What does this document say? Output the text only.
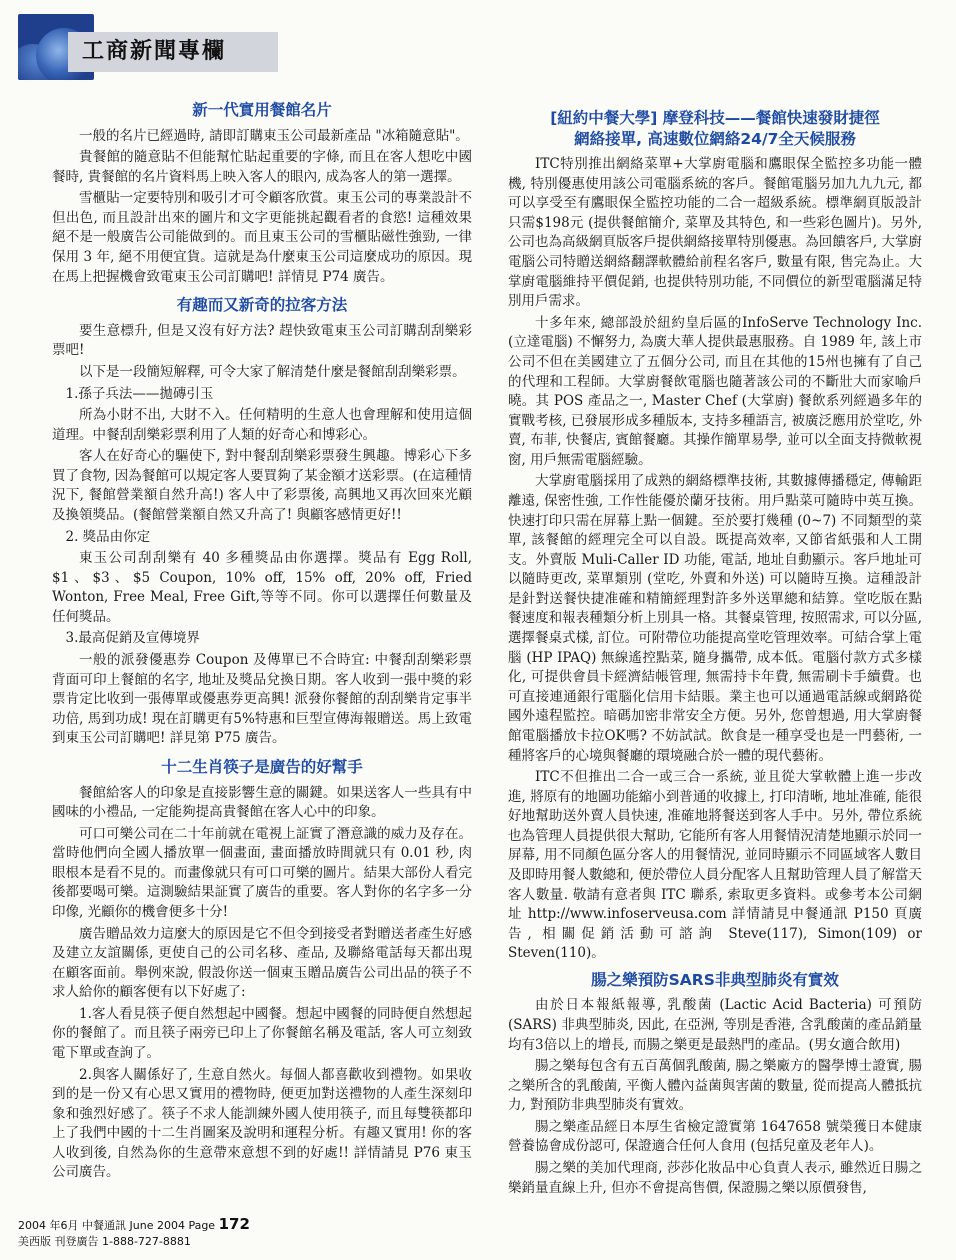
工商新聞專欄
新一代實用餐館名片

一般的名片已經過時, 請即訂購東玉公司最新產品 "冰箱隨意貼"。

貴餐館的隨意貼不但能幫忙貼起重要的字條, 而且在客人想吃中國餐時, 貴餐館的名片資料馬上映入客人的眼內, 成為客人的第一選擇。

雪櫃貼一定要特別和吸引才可令顧客欣賞。東玉公司的專業設計不但出色, 而且設計出來的圖片和文字更能挑起觀看者的食慾! 這種效果絕不是一般廣告公司能做到的。而且東玉公司的雪櫃貼磁性強勁, 一律保用 3 年, 絕不用便宜貨。這就是為什麼東玉公司這麼成功的原因。現在馬上把握機會致電東玉公司訂購吧! 詳情見 P74 廣告。

有趣而又新奇的拉客方法

要生意標升, 但是又沒有好方法? 趕快致電東玉公司訂購刮刮樂彩票吧!

以下是一段簡短解釋, 可令大家了解清楚什麼是餐館刮刮樂彩票。

1.孫子兵法——拋磚引玉

所為小財不出, 大財不入。任何精明的生意人也會理解和使用這個道理。中餐刮刮樂彩票利用了人類的好奇心和博彩心。

客人在好奇心的驅使下, 對中餐刮刮樂彩票發生興趣。博彩心下多買了食物, 因為餐館可以規定客人要買夠了某金額才送彩票。(在這種情況下, 餐館營業額自然升高!) 客人中了彩票後, 高興地又再次回來光顧及換領獎品。(餐館營業額自然又升高了! 與顧客感情更好!!

2. 獎品由你定

東玉公司刮刮樂有 40 多種獎品由你選擇。獎品有 Egg Roll, $1、$3、$5 Coupon, 10% off, 15% off, 20% off, Fried Wonton, Free Meal, Free Gift,等等不同。你可以選擇任何數量及任何獎品。

3.最高促銷及宣傳境界

一般的派發優惠券 Coupon 及傳單已不合時宜: 中餐刮刮樂彩票背面可印上餐館的名字, 地址及獎品兌換日期。客人收到一張中獎的彩票肯定比收到一張傳單或優惠券更高興! 派發你餐館的刮刮樂肯定事半功倍, 馬到功成! 現在訂購更有5%特惠和巨型宣傳海報贈送。馬上致電到東玉公司訂購吧! 詳見第 P75 廣告。

十二生肖筷子是廣告的好幫手

餐館給客人的印象是直接影響生意的關鍵。如果送客人一些具有中國味的小禮品, 一定能夠提高貴餐館在客人心中的印象。

可口可樂公司在二十年前就在電視上証實了潛意識的威力及存在。當時他們向全國人播放單一個畫面, 畫面播放時間就只有 0.01 秒, 肉眼根本是看不見的。而畫像就只有可口可樂的圖片。結果大部份人看完後都要喝可樂。這測驗結果証實了廣告的重要。客人對你的名字多一分印像, 光顧你的機會便多十分!

廣告贈品效力這麼大的原因是它不但令到接受者對贈送者產生好感及建立友誼關係, 更使自己的公司名移、產品, 及聯絡電話每天都出現在顧客面前。舉例來說, 假設你送一個東玉贈品廣告公司出品的筷子不求人給你的顧客便有以下好處了:

1.客人看見筷子便自然想起中國餐。想起中國餐的同時便自然想起你的餐館了。而且筷子兩旁已印上了你餐館名稱及電話, 客人可立刻致電下單或查詢了。

2.與客人關係好了, 生意自然火。每個人都喜歡收到禮物。如果收到的是一份又有心思又實用的禮物時, 便更加對送禮物的人產生深刻印象和強烈好感了。筷子不求人能訓練外國人使用筷子, 而且每雙筷都印上了我們中國的十二生肖圖案及說明和運程分析。有趣又實用! 你的客人收到後, 自然為你的生意帶來意想不到的好處!! 詳情請見 P76 東玉公司廣告。

[紐約中餐大學] 摩登科技——餐館快速發財捷徑
網絡接單, 高速數位網絡24/7全天候服務

ITC特別推出網絡菜單+大掌廚電腦和鷹眼保全監控多功能一體機, 特別優惠使用該公司電腦系統的客戶。餐館電腦另加九九九元, 都可以享受至有鷹眼保全監控功能的二合一超級系統。標準網頁版設計只需$198元 (提供餐館簡介, 菜單及其特色, 和一些彩色圖片)。另外, 公司也為高級網頁版客戶提供網絡接單特別優惠。為回饋客戶, 大掌廚電腦公司特贈送網絡翻譯軟體給前程名客戶, 數量有限, 售完為止。大掌廚電腦維持平價促銷, 也提供特別功能, 不同價位的新型電腦滿足特別用戶需求。

十多年來, 總部設於紐約皇后區的InfoServe Technology Inc.(立達電腦) 不懈努力, 為廣大華人提供最惠服務。自 1989 年, 該上市公司不但在美國建立了五個分公司, 而且在其他的15州也擁有了自己的代理和工程師。大掌廚餐飲電腦也隨著該公司的不斷壯大而家喻戶曉。其 POS 產品之一, Master Chef (大掌廚) 餐飲系列經過多年的實戰考核, 已發展形成多種版本, 支持多種語言, 被廣泛應用於堂吃, 外賣, 布菲, 快餐店, 賓館餐廳。其操作簡單易學, 並可以全面支持微軟視窗, 用戶無需電腦經驗。

大掌廚電腦採用了成熟的網絡標準技術, 其數據傳播穩定, 傳輸距離遠, 保密性強, 工作性能優於蘭牙技術。用戶點菜可隨時中英互換。快速打印只需在屏幕上點一個鍵。至於要打幾種 (0~7) 不同類型的菜單, 該餐館的經理完全可以自設。既提高效率, 又節省紙張和人工開支。外賣版 Muli-Caller ID 功能, 電話, 地址自動顯示。客戶地址可以隨時更改, 菜單類別 (堂吃, 外賣和外送) 可以隨時互換。這種設計是針對送餐快捷准確和精簡經理對許多外送單總和結算。堂吃版在點餐速度和報表種類分析上別具一格。其餐桌管理, 按照需求, 可以分區, 選擇餐桌式樣, 訂位。可附帶位功能提高堂吃管理效率。可結合掌上電腦 (HP IPAQ) 無線遙控點菜, 隨身攜帶, 成本低。電腦付款方式多樣化, 可提供會員卡經濟結帳管理, 無需持卡年費, 無需刷卡手續費。也可直接連通銀行電腦化信用卡結賬。業主也可以通過電話線或網路從國外遠程監控。暗碼加密非常安全方便。另外, 您曾想過, 用大掌廚餐館電腦播放卡拉OK嗎? 不妨試試。飲食是一種享受也是一門藝術, 一種將客戶的心境與餐廳的環境融合於一體的現代藝術。

ITC不但推出二合一或三合一系統, 並且從大掌軟體上進一步改進, 將原有的地圖功能縮小到普通的收據上, 打印清晰, 地址准確, 能很好地幫助送外賣人員快速, 准確地將餐送到客人手中。另外, 帶位系統也為管理人員提供很大幫助, 它能所有客人用餐情況清楚地顯示於同一屏幕, 用不同顏色區分客人的用餐情況, 並同時顯示不同區域客人數目及即時用餐人數總和, 便於帶位人員分配客人且幫助管理人員了解當天客人數量. 敬請有意者與 ITC 聯系, 索取更多資料。或參考本公司網址 http://www.infoserveusa.com 詳情請見中餐通訊 P150 頁廣告, 相關促銷活動可諮詢 Steve(117), Simon(109) or Steven(110)。

腸之樂預防SARS非典型肺炎有實效

由於日本報紙報導, 乳酸菌 (Lactic Acid Bacteria) 可預防 (SARS) 非典型肺炎, 因此, 在亞洲, 等別是香港, 含乳酸菌的產品銷量均有3倍以上的增長, 而腸之樂更是最熱門的產品。(男女適合飲用)

腸之樂每包含有五百萬個乳酸菌, 腸之樂廠方的醫學博士證實, 腸之樂所含的乳酸菌, 平衡人體內益菌與害菌的數量, 從而提高人體抵抗力, 對預防非典型肺炎有實效。

腸之樂產品經日本厚生省檢定證實第 1647658 號榮獲日本健康營養協會成份認可, 保證適合任何人食用 (包括兒童及老年人)。

腸之樂的美加代理商, 莎莎化妝品中心負責人表示, 雖然近日腸之樂銷量直線上升, 但亦不會提高售價, 保證腸之樂以原價發售,

2004 年6月 中餐通訊 June 2004 Page 172
美西版 刊登廣告 1-888-727-8881
